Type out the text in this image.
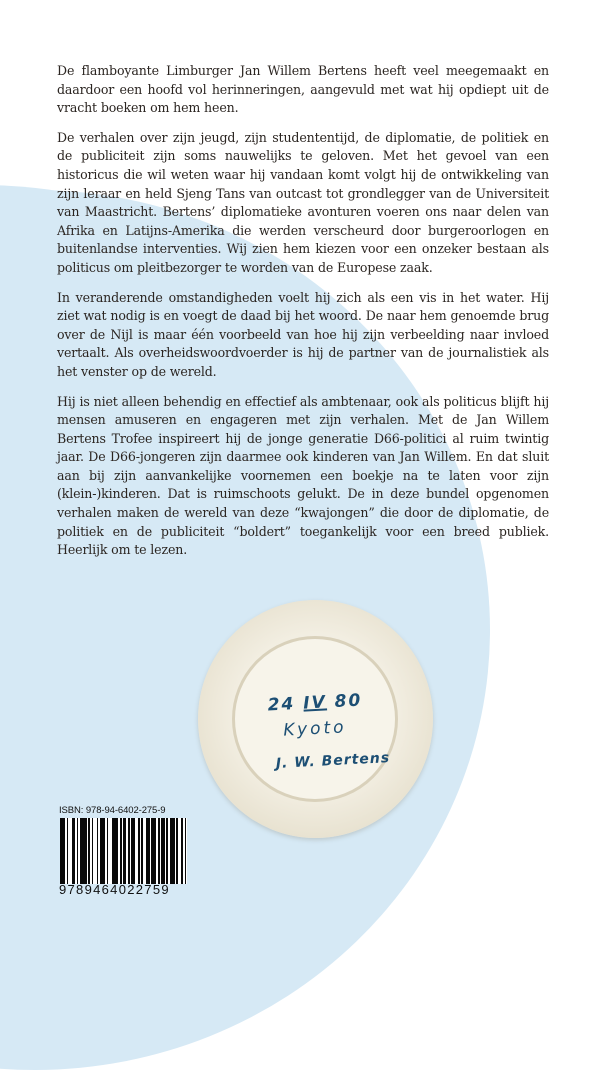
De flamboyante Limburger Jan Willem Bertens heeft veel meegemaakt en daardoor een hoofd vol herinneringen, aangevuld met wat hij opdiept uit de vracht boeken om hem heen.

De verhalen over zijn jeugd, zijn studententijd, de diplomatie, de politiek en de publiciteit zijn soms nauwelijks te geloven. Met het gevoel van een historicus die wil weten waar hij vandaan komt volgt hij de ontwikkeling van zijn leraar en held Sjeng Tans van outcast tot grondlegger van de Universiteit van Maastricht. Bertens’ diplomatieke avonturen voeren ons naar delen van Afrika en Latijns-Amerika die werden verscheurd door burgeroorlogen en buitenlandse interventies. Wij zien hem kiezen voor een onzeker bestaan als politicus om pleitbezorger te worden van de Europese zaak.

In veranderende omstandigheden voelt hij zich als een vis in het water. Hij ziet wat nodig is en voegt de daad bij het woord. De naar hem genoemde brug over de Nijl is maar één voorbeeld van hoe hij zijn verbeelding naar invloed vertaalt. Als overheidswoordvoerder is hij de partner van de journalistiek als het venster op de wereld.

Hij is niet alleen behendig en effectief als ambtenaar, ook als politicus blijft hij mensen amuseren en engageren met zijn verhalen. Met de Jan Willem Bertens Trofee inspireert hij de jonge generatie D66-politici al ruim twintig jaar. De D66-jongeren zijn daarmee ook kinderen van Jan Willem. En dat sluit aan bij zijn aanvankelijke voornemen een boekje na te laten voor zijn (klein-)kinderen. Dat is ruimschoots gelukt. De in deze bundel opgenomen verhalen maken de wereld van deze “kwajongen” die door de diplomatie, de politiek en de publiciteit “boldert” toegankelijk voor een breed publiek. Heerlijk om te lezen.

24 IV 80
Kyoto
J. W. Bertens
ISBN: 978-94-6402-275-9
9789464022759
